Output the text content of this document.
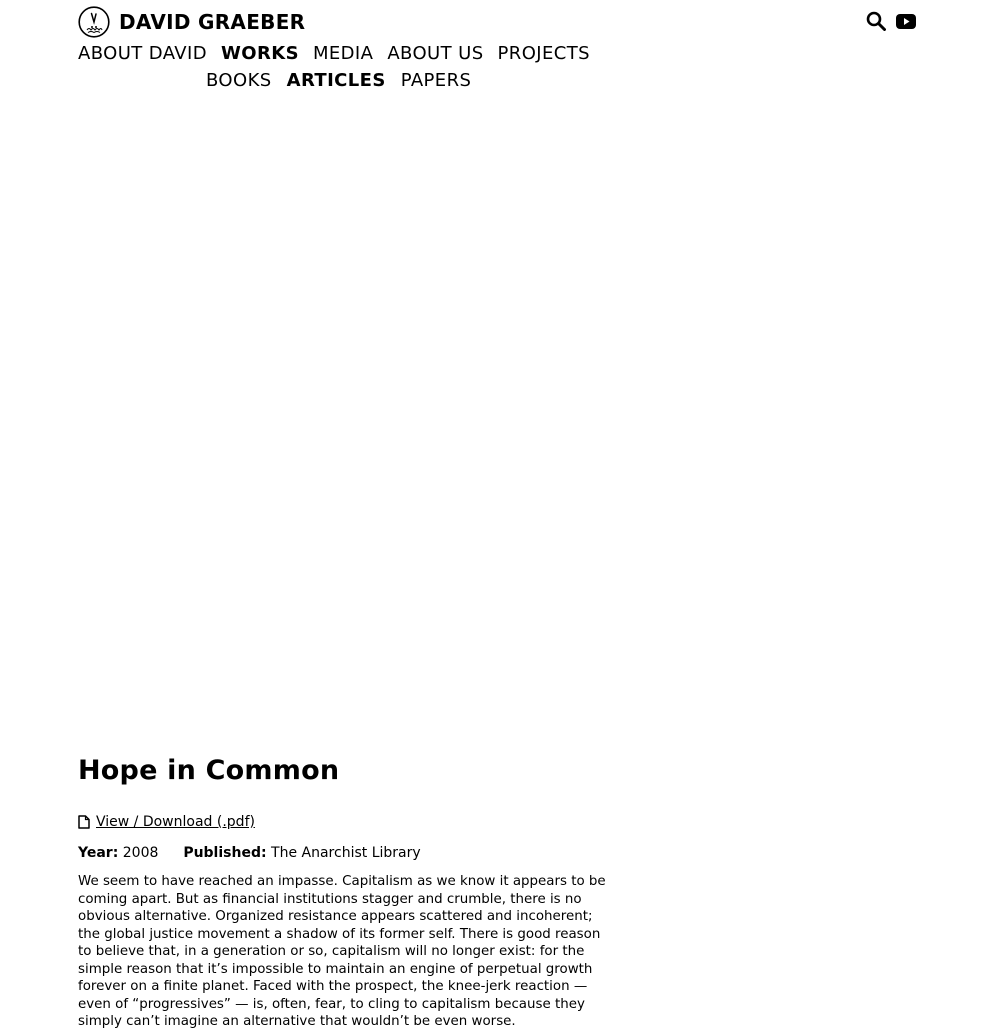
DAVID GRAEBER
ABOUT DAVID WORKS MEDIA ABOUT US PROJECTS
BOOKS ARTICLES PAPERS
Hope in Common
View / Download (.pdf)
Year: 2008 Published: The Anarchist Library

We seem to have reached an impasse. Capitalism as we know it appears to be coming apart. But as financial institutions stagger and crumble, there is no obvious alternative. Organized resistance appears scattered and incoherent; the global justice movement a shadow of its former self. There is good reason to believe that, in a generation or so, capitalism will no longer exist: for the simple reason that it’s impossible to maintain an engine of perpetual growth forever on a finite planet. Faced with the prospect, the knee-jerk reaction — even of “progressives” — is, often, fear, to cling to capitalism because they simply can’t imagine an alternative that wouldn’t be even worse.
